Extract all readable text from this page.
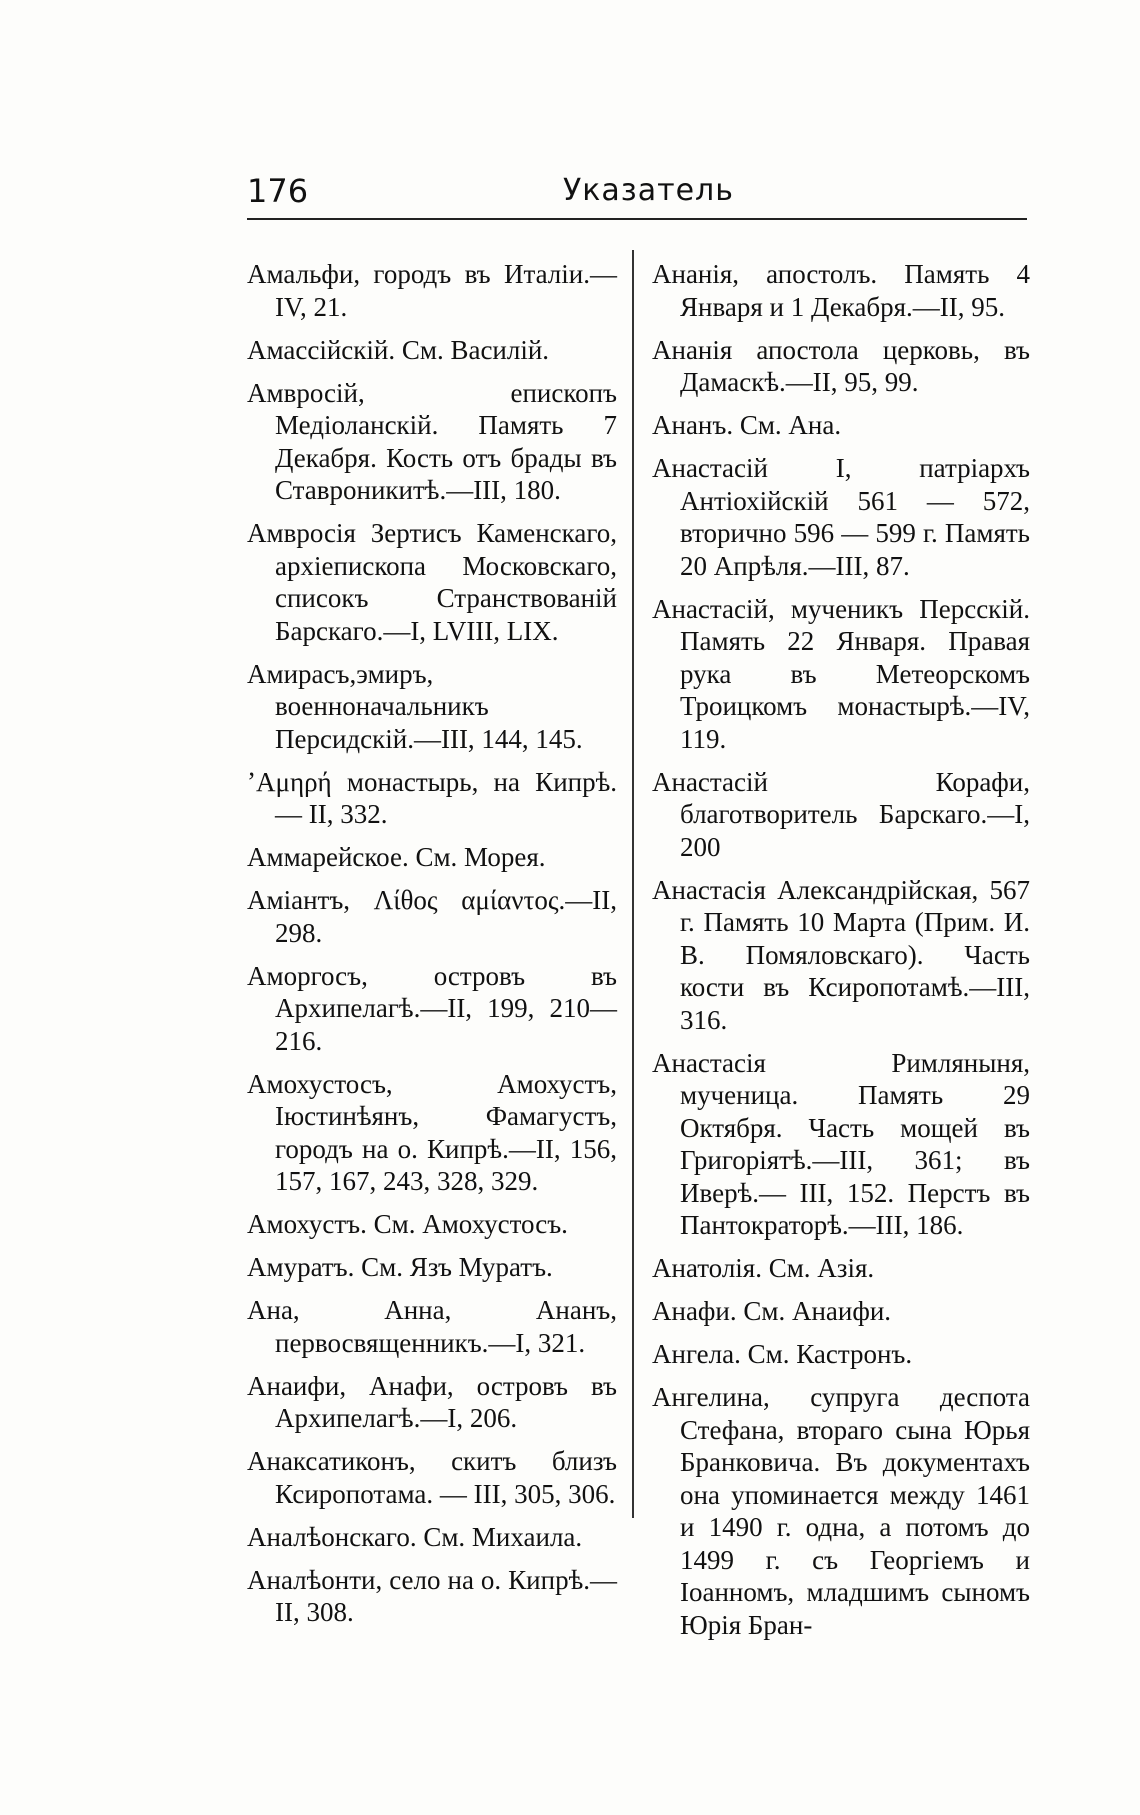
176	Указатель

Амальфи, городъ въ Италіи.— IV, 21.

Амассійскій. См. Василій.

Амвросій, епископъ Медіоланскій. Память 7 Декабря. Кость отъ брады въ Ставроникитѣ.—III, 180.

Амвросія Зертисъ Каменскаго, архіепископа Московскаго, списокъ Странствованій Барскаго.—I, LVIII, LIX.

Амирасъ,эмиръ, военноначальникъ Персидскій.—III, 144, 145.

ʼΑμηρή монастырь, на Кипрѣ.— II, 332.

Аммарейское. См. Морея.

Аміантъ, Λίθος αμίαντος.—II, 298.

Аморгосъ, островъ въ Архипелагѣ.—II, 199, 210—216.

Амохустосъ, Амохустъ, Іюстинѣянъ, Фамагустъ, городъ на о. Кипрѣ.—II, 156, 157, 167, 243, 328, 329.

Амохустъ. См. Амохустосъ.

Амуратъ. См. Язъ Муратъ.

Ана, Анна, Ананъ, первосвященникъ.—I, 321.

Анаифи, Анафи, островъ въ Архипелагѣ.—I, 206.

Анаксатиконъ, скитъ близъ Ксиропотама. — III, 305, 306.

Аналѣонскаго. См. Михаила.

Аналѣонти, село на о. Кипрѣ.— II, 308.

Ананія, апостолъ. Память 4 Января и 1 Декабря.—II, 95.

Ананія апостола церковь, въ Дамаскѣ.—II, 95, 99.

Ананъ. См. Ана.

Анастасій I, патріархъ Антіохійскій 561 — 572, вторично 596 — 599 г. Память 20 Апрѣля.—III, 87.

Анастасій, мученикъ Персскій. Память 22 Января. Правая рука въ Метеорскомъ Троицкомъ монастырѣ.—IV, 119.

Анастасій Корафи, благотворитель Барскаго.—I, 200

Анастасія Александрійская, 567 г. Память 10 Марта (Прим. И. В. Помяловскаго). Часть кости въ Ксиропотамѣ.—III, 316.

Анастасія Римляныня, мученица. Память 29 Октября. Часть мощей въ Григоріятѣ.—III, 361; въ Иверѣ.— III, 152. Перстъ въ Пантократорѣ.—III, 186.

Анатолія. См. Азія.

Анафи. См. Анаифи.

Ангела. См. Кастронъ.

Ангелина, супруга деспота Стефана, втораго сына Юрья Бранковича. Въ документахъ она упоминается между 1461 и 1490 г. одна, а потомъ до 1499 г. съ Георгіемъ и Іоанномъ, младшимъ сыномъ Юрія Бран-
